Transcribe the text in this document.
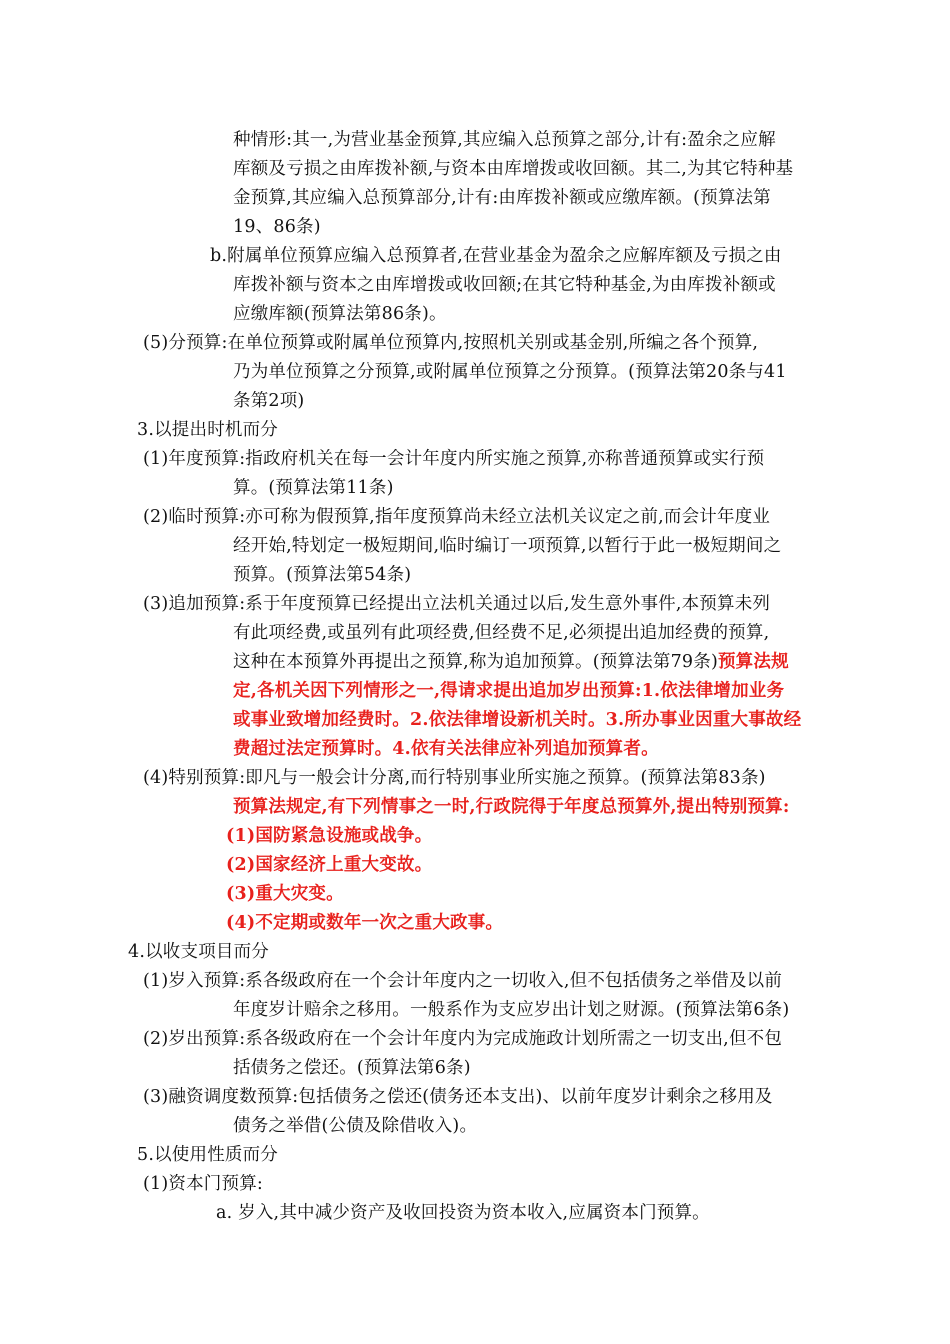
种情形:其一,为营业基金预算,其应编入总预算之部分,计有:盈余之应解
库额及亏损之由库拨补额,与资本由库增拨或收回额。其二,为其它特种基
金预算,其应编入总预算部分,计有:由库拨补额或应缴库额。(预算法第
19、86条)
b.附属单位预算应编入总预算者,在营业基金为盈余之应解库额及亏损之由
库拨补额与资本之由库增拨或收回额;在其它特种基金,为由库拨补额或
应缴库额(预算法第86条)。
(5)分预算:在单位预算或附属单位预算内,按照机关别或基金别,所编之各个预算,
乃为单位预算之分预算,或附属单位预算之分预算。(预算法第20条与41
条第2项)
3.以提出时机而分
(1)年度预算:指政府机关在每一会计年度内所实施之预算,亦称普通预算或实行预
算。(预算法第11条)
(2)临时预算:亦可称为假预算,指年度预算尚未经立法机关议定之前,而会计年度业
经开始,特划定一极短期间,临时编订一项预算,以暂行于此一极短期间之
预算。(预算法第54条)
(3)追加预算:系于年度预算已经提出立法机关通过以后,发生意外事件,本预算未列
有此项经费,或虽列有此项经费,但经费不足,必须提出追加经费的预算,
这种在本预算外再提出之预算,称为追加预算。(预算法第79条)预算法规
定,各机关因下列情形之一,得请求提出追加岁出预算:1.依法律增加业务
或事业致增加经费时。2.依法律增设新机关时。3.所办事业因重大事故经
费超过法定预算时。4.依有关法律应补列追加预算者。
(4)特别预算:即凡与一般会计分离,而行特别事业所实施之预算。(预算法第83条)
预算法规定,有下列情事之一时,行政院得于年度总预算外,提出特别预算:
(1)国防紧急设施或战争。
(2)国家经济上重大变故。
(3)重大灾变。
(4)不定期或数年一次之重大政事。
4.以收支项目而分
(1)岁入预算:系各级政府在一个会计年度内之一切收入,但不包括债务之举借及以前
年度岁计赔余之移用。一般系作为支应岁出计划之财源。(预算法第6条)
(2)岁出预算:系各级政府在一个会计年度内为完成施政计划所需之一切支出,但不包
括债务之偿还。(预算法第6条)
(3)融资调度数预算:包括债务之偿还(债务还本支出)、以前年度岁计剩余之移用及
债务之举借(公债及除借收入)。
5.以使用性质而分
(1)资本门预算:
a. 岁入,其中减少资产及收回投资为资本收入,应属资本门预算。
